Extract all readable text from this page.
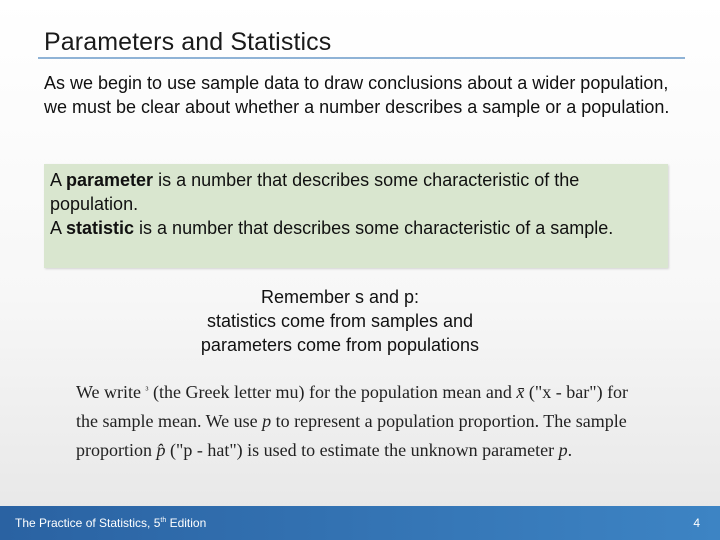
Parameters and Statistics
As we begin to use sample data to draw conclusions about a wider population, we must be clear about whether a number describes a sample or a population.
A parameter is a number that describes some characteristic of the population.
A statistic is a number that describes some characteristic of a sample.
Remember s and p:
statistics come from samples and
parameters come from populations
We write $^{^3}$ (the Greek letter mu) for the population mean and x̄ ("x - bar") for the sample mean. We use p to represent a population proportion. The sample proportion p̂ ("p - hat") is used to estimate the unknown parameter p.
The Practice of Statistics, 5th Edition	4
